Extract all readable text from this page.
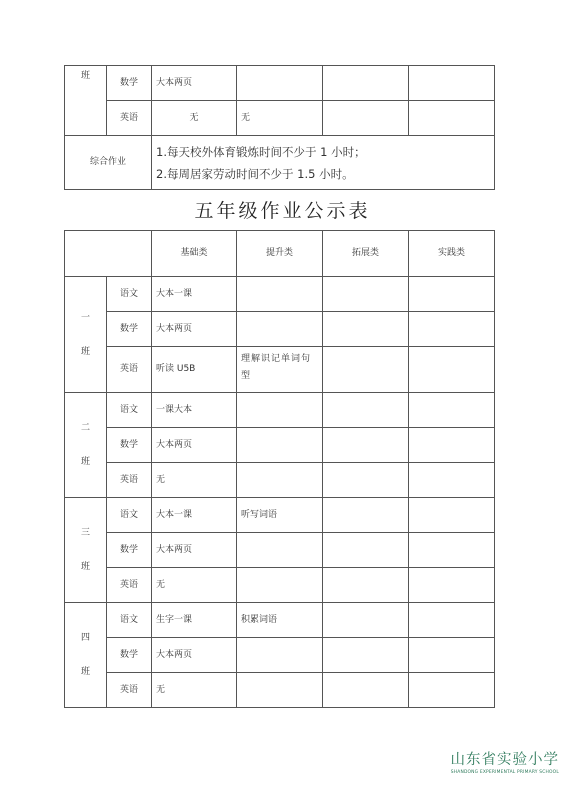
班	数学	大本两页			
	英语	无	无		
综合作业		1.每天校外体育锻炼时间不少于 1 小时；
2.每周居家劳动时间不少于 1.5 小时。			
五年级作业公示表
		基础类	提升类	拓展类	实践类

一
班	语文	大本一课			
	数学	大本两页			
	英语	听读 U5B	理解识记单词句型		

二
班	语文	一课大本			
	数学	大本两页			
	英语	无			

三
班	语文	大本一课	听写词语		
	数学	大本两页			
	英语	无			

四
班	语文	生字一课	积累词语		
	数学	大本两页			
	英语	无			
山东省实验小学
SHANDONG EXPERIMENTAL PRIMARY SCHOOL
